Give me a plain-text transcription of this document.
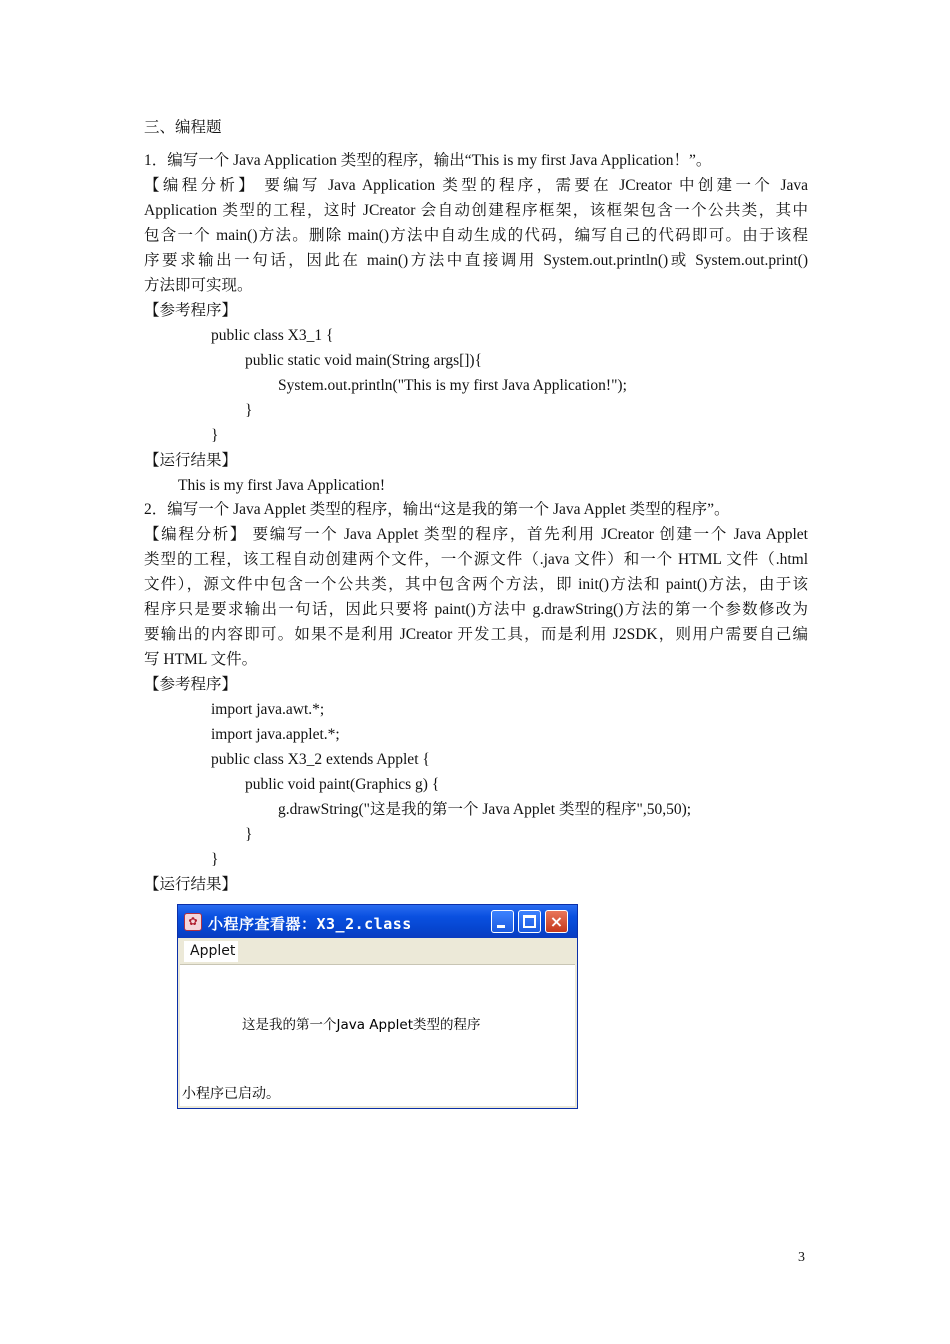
三、编程题
1．编写一个 Java Application 类型的程序，输出“This is my first Java Application！”。
【编程分析】 要编写 Java Application 类型的程序，需要在 JCreator 中创建一个 Java
Application 类型的工程，这时 JCreator 会自动创建程序框架，该框架包含一个公共类，其中
包含一个 main()方法。删除 main()方法中自动生成的代码，编写自己的代码即可。由于该程
序要求输出一句话，因此在 main()方法中直接调用 System.out.println()或 System.out.print()
方法即可实现。
【参考程序】
public class X3_1 {
public static void main(String args[]){
System.out.println("This is my first Java Application!");
}
}
【运行结果】
This is my first Java Application!
2．编写一个 Java Applet 类型的程序，输出“这是我的第一个 Java Applet 类型的程序”。
【编程分析】 要编写一个 Java Applet 类型的程序，首先利用 JCreator 创建一个 Java Applet
类型的工程，该工程自动创建两个文件，一个源文件（.java 文件）和一个 HTML 文件（.html
文件），源文件中包含一个公共类，其中包含两个方法，即 init()方法和 paint()方法，由于该
程序只是要求输出一句话，因此只要将 paint()方法中 g.drawString()方法的第一个参数修改为
要输出的内容即可。如果不是利用 JCreator 开发工具，而是利用 J2SDK，则用户需要自己编
写 HTML 文件。
【参考程序】
import java.awt.*;
import java.applet.*;
public class X3_2 extends Applet {
public void paint(Graphics g) {
g.drawString("这是我的第一个 Java Applet 类型的程序",50,50);
}
}
【运行结果】
✿ 小程序查看器：X3_2.class	×
Applet
这是我的第一个Java Applet类型的程序
小程序已启动。
3
